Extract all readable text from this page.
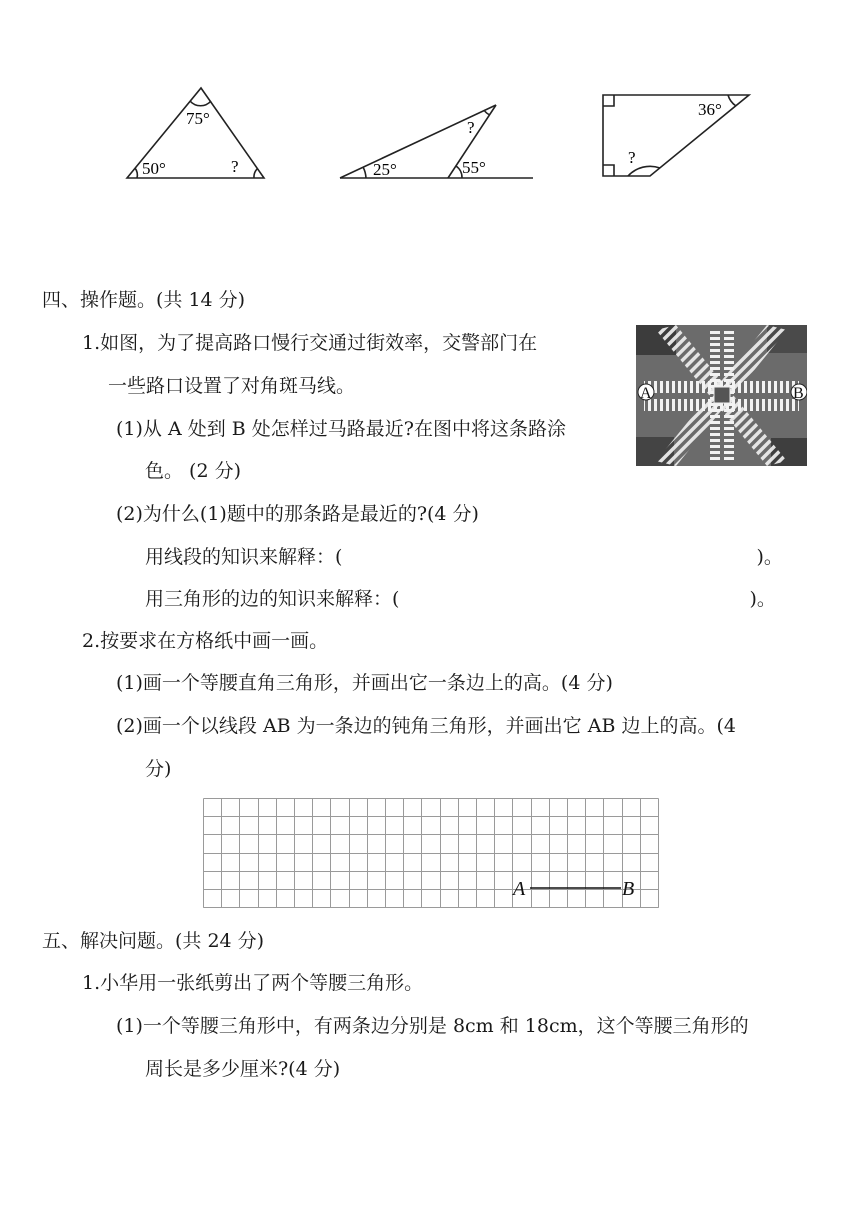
75°
50°	?	25°
?
55°
36°
?
四、操作题。(共 14 分)
1.如图，为了提高路口慢行交通过街效率，交警部门在
一些路口设置了对角斑马线。
(1)从 A 处到 B 处怎样过马路最近?在图中将这条路涂
色。 (2 分)
(2)为什么(1)题中的那条路是最近的?(4 分)
用线段的知识来解释：(	)。
用三角形的边的知识来解释：(	)。
A	B
2.按要求在方格纸中画一画。
(1)画一个等腰直角三角形，并画出它一条边上的高。(4 分)
(2)画一个以线段 AB 为一条边的钝角三角形，并画出它 AB 边上的高。(4
分)
A	B
五、解决问题。(共 24 分)
1.小华用一张纸剪出了两个等腰三角形。
(1)一个等腰三角形中，有两条边分别是 8cm 和 18cm，这个等腰三角形的
周长是多少厘米?(4 分)
